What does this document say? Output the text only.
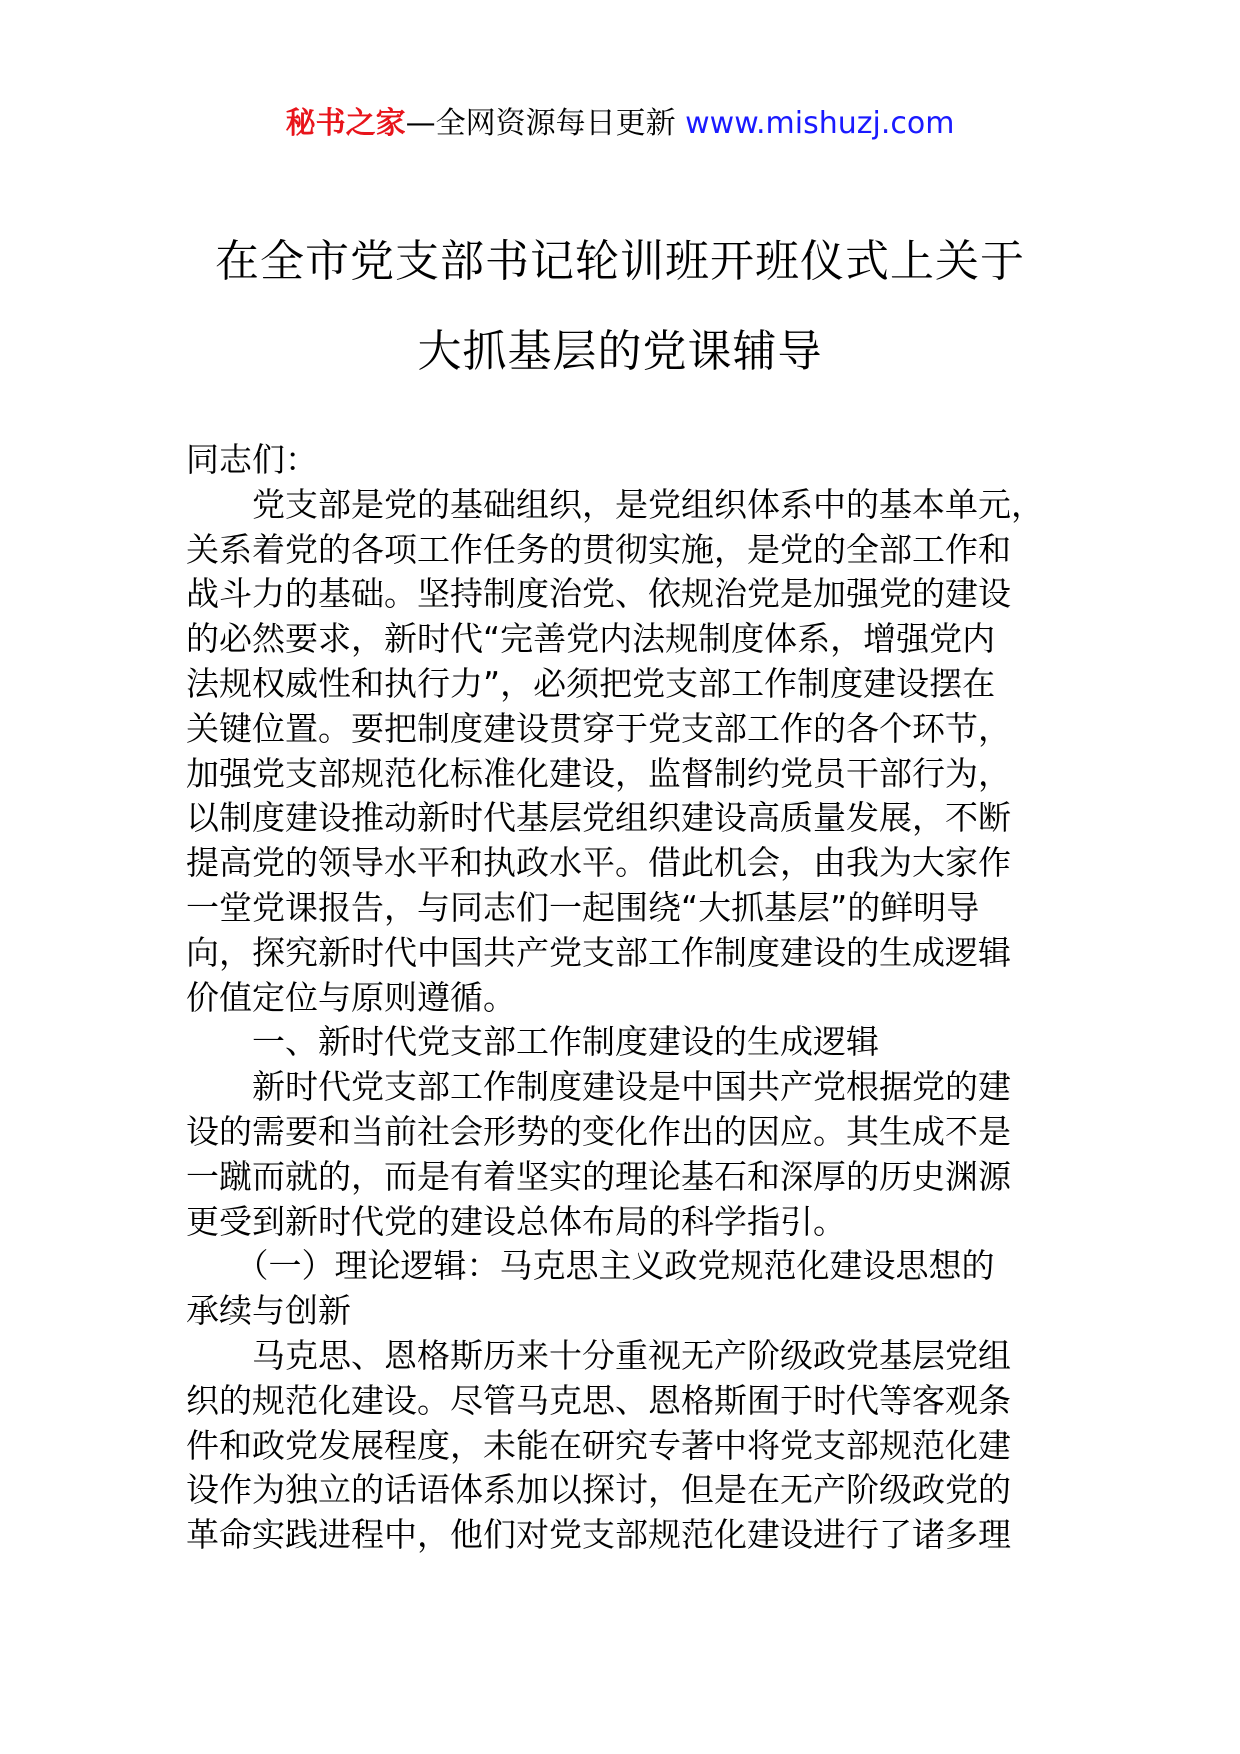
秘书之家—全网资源每日更新 www.mishuzj.com
在全市党支部书记轮训班开班仪式上关于
大抓基层的党课辅导
同志们：
　　党支部是党的基础组织，是党组织体系中的基本单元，
关系着党的各项工作任务的贯彻实施，是党的全部工作和
战斗力的基础。坚持制度治党、依规治党是加强党的建设
的必然要求，新时代“完善党内法规制度体系，增强党内
法规权威性和执行力”，必须把党支部工作制度建设摆在
关键位置。要把制度建设贯穿于党支部工作的各个环节，
加强党支部规范化标准化建设，监督制约党员干部行为，
以制度建设推动新时代基层党组织建设高质量发展，不断
提高党的领导水平和执政水平。借此机会，由我为大家作
一堂党课报告，与同志们一起围绕“大抓基层”的鲜明导
向，探究新时代中国共产党支部工作制度建设的生成逻辑
价值定位与原则遵循。
　　一、新时代党支部工作制度建设的生成逻辑
　　新时代党支部工作制度建设是中国共产党根据党的建
设的需要和当前社会形势的变化作出的因应。其生成不是
一蹴而就的，而是有着坚实的理论基石和深厚的历史渊源
更受到新时代党的建设总体布局的科学指引。
　　（一）理论逻辑：马克思主义政党规范化建设思想的
承续与创新
　　马克思、恩格斯历来十分重视无产阶级政党基层党组
织的规范化建设。尽管马克思、恩格斯囿于时代等客观条
件和政党发展程度，未能在研究专著中将党支部规范化建
设作为独立的话语体系加以探讨，但是在无产阶级政党的
革命实践进程中，他们对党支部规范化建设进行了诸多理
